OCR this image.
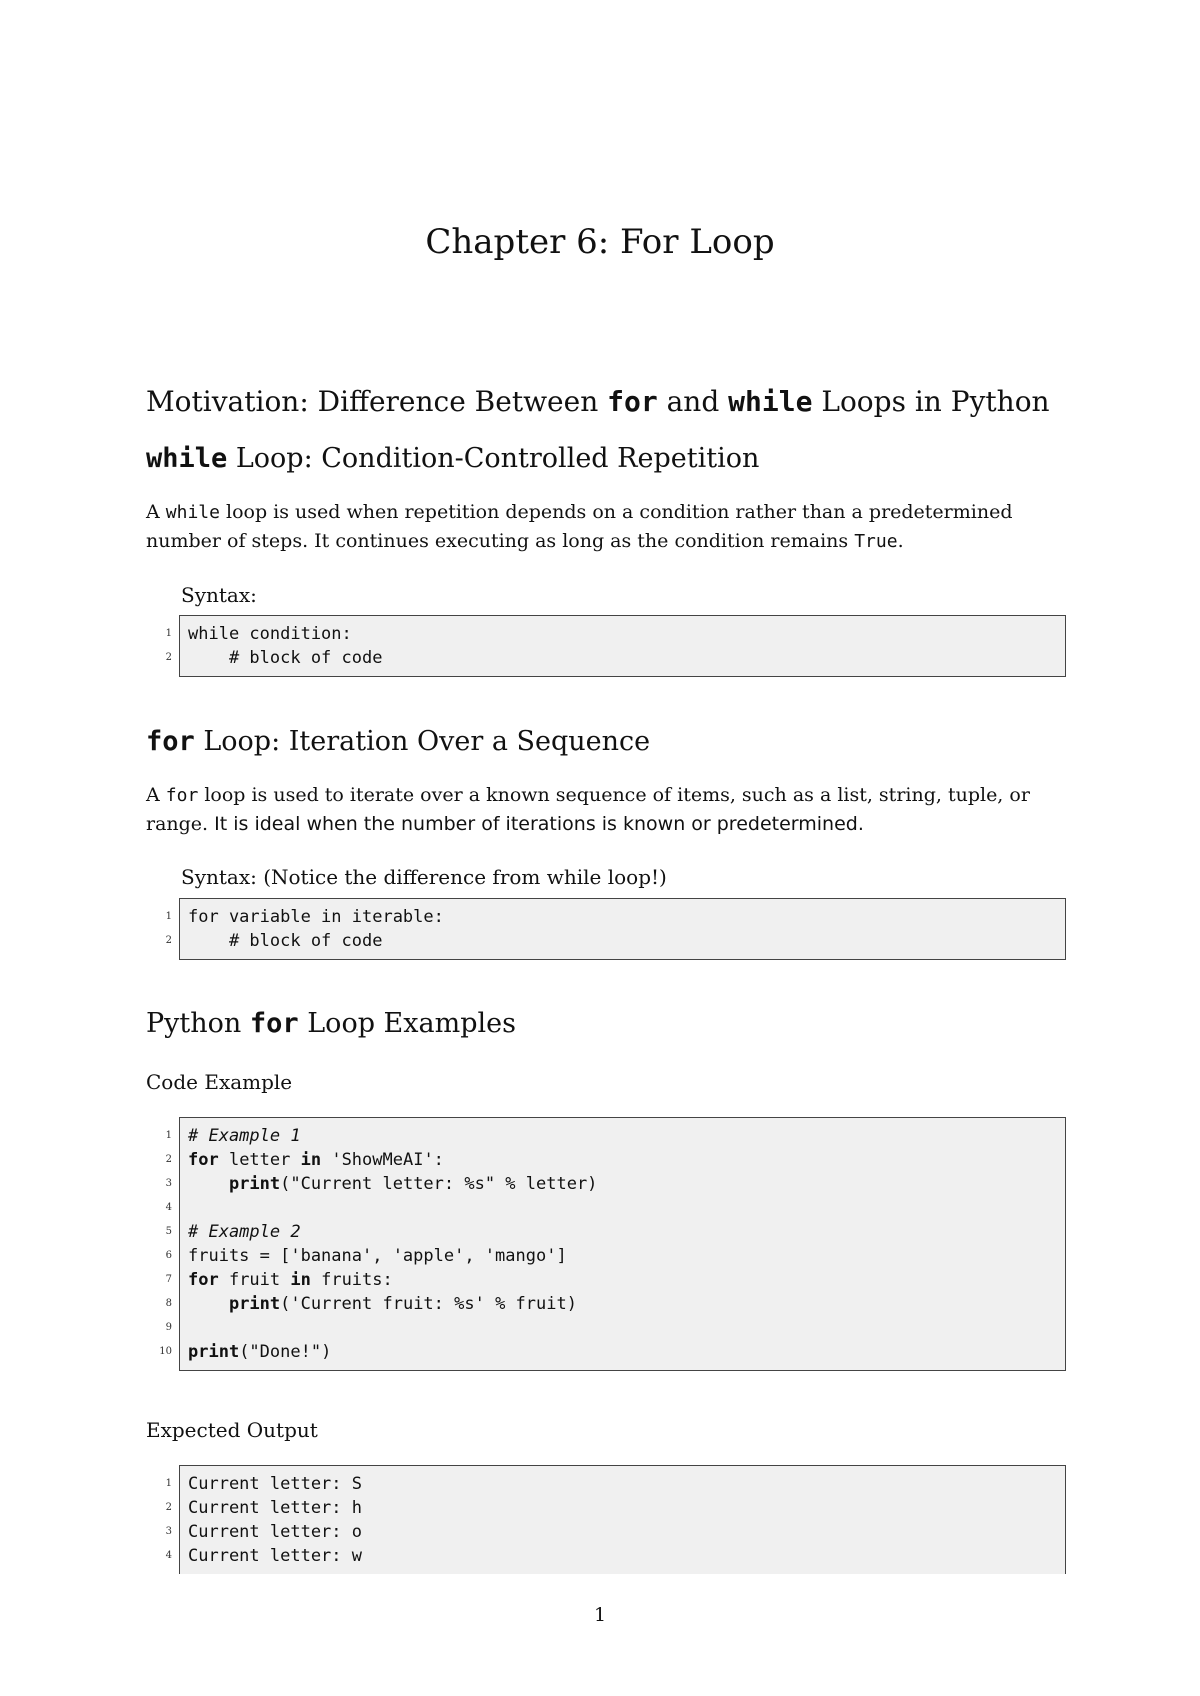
Chapter 6: For Loop
Motivation: Difference Between for and while Loops in Python
while Loop: Condition-Controlled Repetition

A while loop is used when repetition depends on a condition rather than a predetermined number of steps. It continues executing as long as the condition remains True.

Syntax:

1 while condition:
2 # block of code
for Loop: Iteration Over a Sequence

A for loop is used to iterate over a known sequence of items, such as a list, string, tuple, or range. It is ideal when the number of iterations is known or predetermined.

Syntax: (Notice the difference from while loop!)

1 for variable in iterable:
2 # block of code
Python for Loop Examples

Code Example

1 # Example 1
2 for letter in 'ShowMeAI':
3	print("Current letter: %s" % letter)
4
5 # Example 2
6 fruits = ['banana', 'apple', 'mango']
7 for fruit in fruits:
8	print('Current fruit: %s' % fruit)
9
10 print("Done!")

Expected Output

1 Current letter: S
2 Current letter: h
3 Current letter: o
4 Current letter: w

1
